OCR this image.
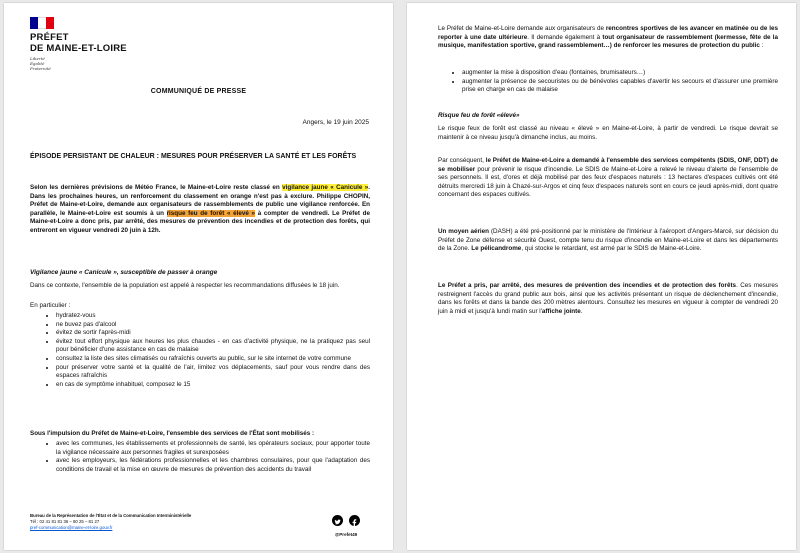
PRÉFET
DE MAINE-ET-LOIRE
Liberté
Égalité
Fraternité
COMMUNIQUÉ DE PRESSE
Angers, le 19 juin 2025
ÉPISODE PERSISTANT DE CHALEUR : MESURES POUR PRÉSERVER LA SANTÉ ET LES FORÊTS
Selon les dernières prévisions de Météo France, le Maine-et-Loire reste classé en vigilance jaune « Canicule ». Dans les prochaines heures, un renforcement du classement en orange n'est pas à exclure. Philippe CHOPIN, Préfet de Maine-et-Loire, demande aux organisateurs de rassemblements de public une vigilance renforcée. En parallèle, le Maine-et-Loire est soumis à un risque feu de forêt « élevé » à compter de vendredi. Le Préfet de Maine-et-Loire a donc pris, par arrêté, des mesures de prévention des incendies et de protection des forêts, qui entreront en vigueur vendredi 20 juin à 12h.
Vigilance jaune « Canicule », susceptible de passer à orange
Dans ce contexte, l'ensemble de la population est appelé à respecter les recommandations diffusées le 18 juin.
En particulier :
• hydratez-vous
• ne buvez pas d'alcool
• évitez de sortir l'après-midi
• évitez tout effort physique aux heures les plus chaudes - en cas d'activité physique, ne la pratiquez pas seul pour bénéficier d'une assistance en cas de malaise
• consultez la liste des sites climatisés ou rafraîchis ouverts au public, sur le site internet de votre commune
• pour préserver votre santé et la qualité de l'air, limitez vos déplacements, sauf pour vous rendre dans des espaces rafraîchis
• en cas de symptôme inhabituel, composez le 15
Sous l'impulsion du Préfet de Maine-et-Loire, l'ensemble des services de l'État sont mobilisés :
• avec les communes, les établissements et professionnels de santé, les opérateurs sociaux, pour apporter toute la vigilance nécessaire aux personnes fragiles et surexposées
• avec les employeurs, les fédérations professionnelles et les chambres consulaires, pour que l'adaptation des conditions de travail et la mise en œuvre de mesures de prévention des accidents du travail
Bureau de la Représentation de l'État et de la Communication Interministérielle
Tél : 02 41 81 81 36 – 80 25 – 81 27
pref-communication@maine-et-loire.gouv.fr

@Prefet49
Le Préfet de Maine-et-Loire demande aux organisateurs de rencontres sportives de les avancer en matinée ou de les reporter à une date ultérieure. Il demande également à tout organisateur de rassemblement (kermesse, fête de la musique, manifestation sportive, grand rassemblement…) de renforcer les mesures de protection du public :
• augmenter la mise à disposition d'eau (fontaines, brumisateurs…)
• augmenter la présence de secouristes ou de bénévoles capables d'avertir les secours et d'assurer une première prise en charge en cas de malaise
Risque feu de forêt «élevé»
Le risque feux de forêt est classé au niveau « élevé » en Maine-et-Loire, à partir de vendredi. Le risque devrait se maintenir à ce niveau jusqu'à dimanche inclus, au moins.
Par conséquent, le Préfet de Maine-et-Loire a demandé à l'ensemble des services compétents (SDIS, ONF, DDT) de se mobiliser pour prévenir le risque d'incendie. Le SDIS de Maine-et-Loire a relevé le niveau d'alerte de l'ensemble de ses personnels. Il est, d'ores et déjà mobilisé par des feux d'espaces naturels : 13 hectares d'espaces cultivés ont été détruits mercredi 18 juin à Chazé-sur-Argos et cinq feux d'espaces naturels sont en cours ce jeudi après-midi, dont quatre concernant des espaces cultivés.
Un moyen aérien (DASH) a été pré-positionné par le ministère de l'Intérieur à l'aéroport d'Angers-Marcé, sur décision du Préfet de Zone défense et sécurité Ouest, compte tenu du risque d'incendie en Maine-et-Loire et dans les départements de la Zone. Le pélicandrome, qui stocke le retardant, est armé par le SDIS de Maine-et-Loire.
Le Préfet a pris, par arrêté, des mesures de prévention des incendies et de protection des forêts. Ces mesures restreignent l'accès du grand public aux bois, ainsi que les activités présentant un risque de déclenchement d'incendie, dans les forêts et dans la bande des 200 mètres alentours. Consultez les mesures en vigueur à compter de vendredi 20 juin à midi et jusqu'à lundi matin sur l'affiche jointe.
